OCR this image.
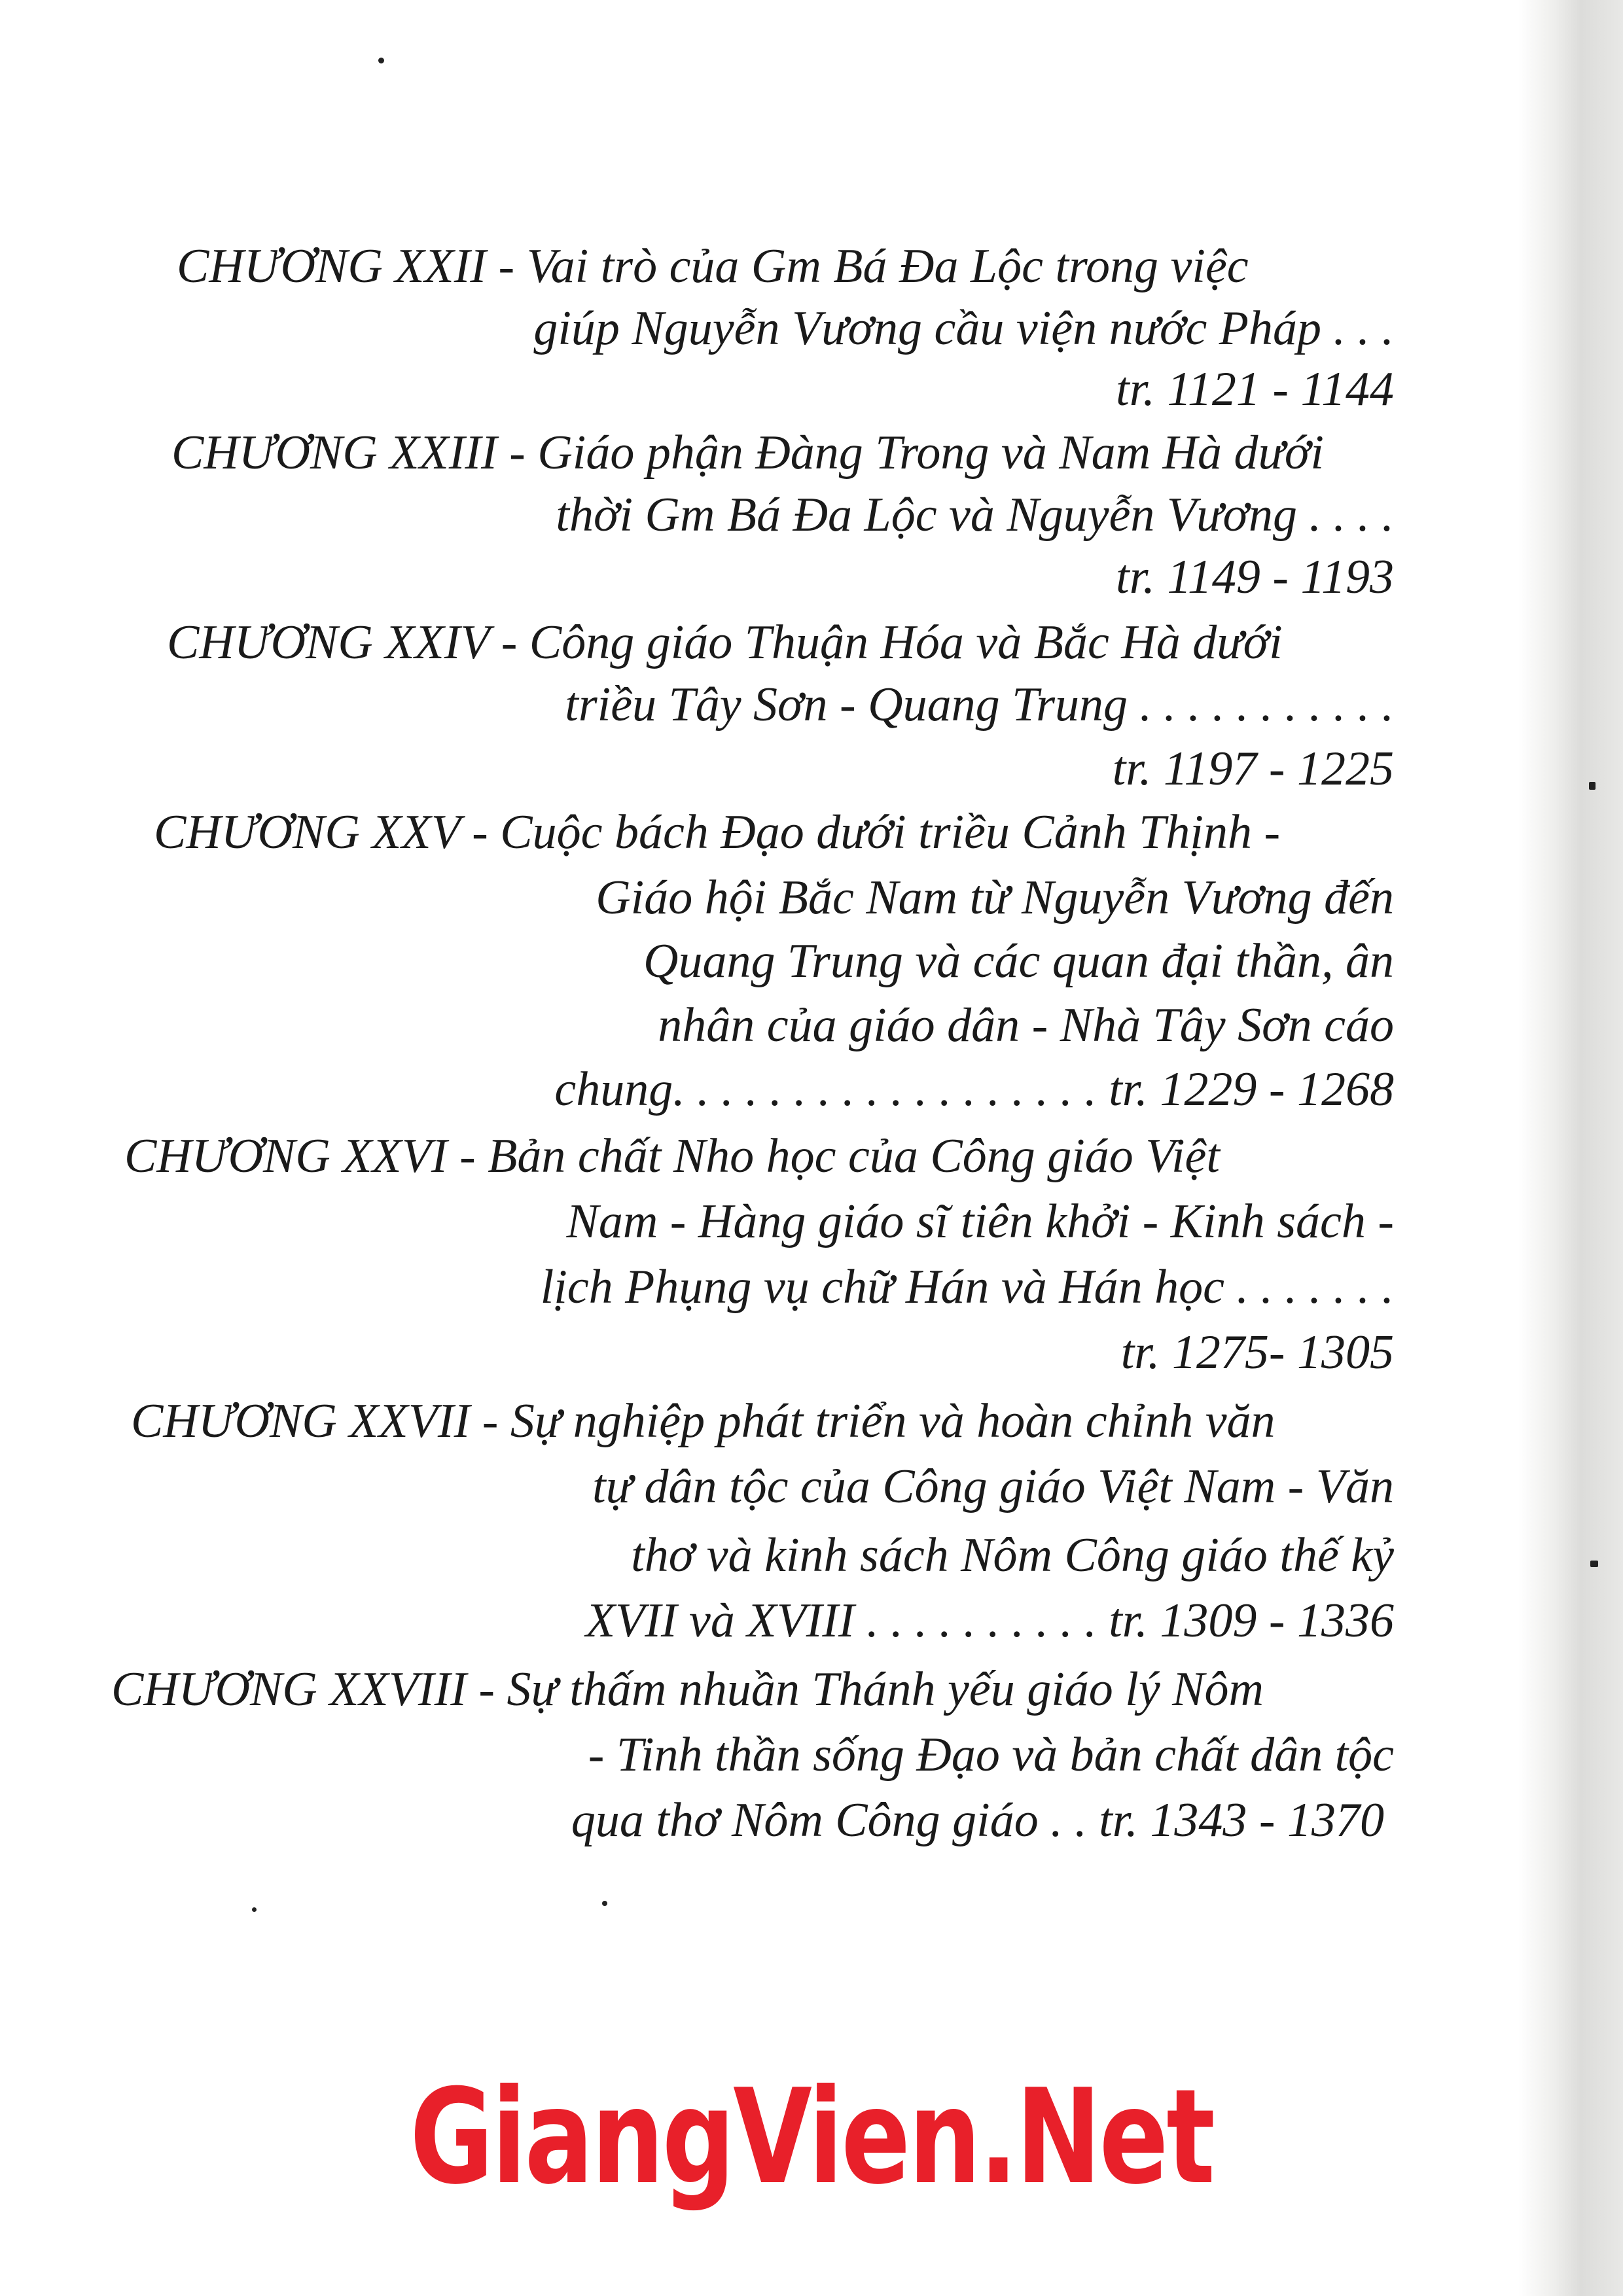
CHƯƠNG XXII - Vai trò của Gm Bá Đa Lộc trong việc
giúp Nguyễn Vương cầu viện nước Pháp . . .
tr. 1121 - 1144
CHƯƠNG XXIII - Giáo phận Đàng Trong và Nam Hà dưới
thời Gm Bá Đa Lộc và Nguyễn Vương . . . .
tr. 1149 - 1193
CHƯƠNG XXIV - Công giáo Thuận Hóa và Bắc Hà dưới
triều Tây Sơn - Quang Trung . . . . . . . . . . .
tr. 1197 - 1225
CHƯƠNG XXV - Cuộc bách Đạo dưới triều Cảnh Thịnh -
Giáo hội Bắc Nam từ Nguyễn Vương đến
Quang Trung và các quan đại thần, ân
nhân của giáo dân - Nhà Tây Sơn cáo
chung. . . . . . . . . . . . . . . . . . tr. 1229 - 1268
CHƯƠNG XXVI - Bản chất Nho học của Công giáo Việt
Nam - Hàng giáo sĩ tiên khởi - Kinh sách -
lịch Phụng vụ chữ Hán và Hán học . . . . . . .
tr. 1275- 1305
CHƯƠNG XXVII - Sự nghiệp phát triển và hoàn chỉnh văn
tự dân tộc của Công giáo Việt Nam - Văn
thơ và kinh sách Nôm Công giáo thế kỷ
XVII và XVIII . . . . . . . . . . tr. 1309 - 1336
CHƯƠNG XXVIII - Sự thấm nhuần Thánh yếu giáo lý Nôm
- Tinh thần sống Đạo và bản chất dân tộc
qua thơ Nôm Công giáo . . tr. 1343 - 1370
GiangVien.Net
